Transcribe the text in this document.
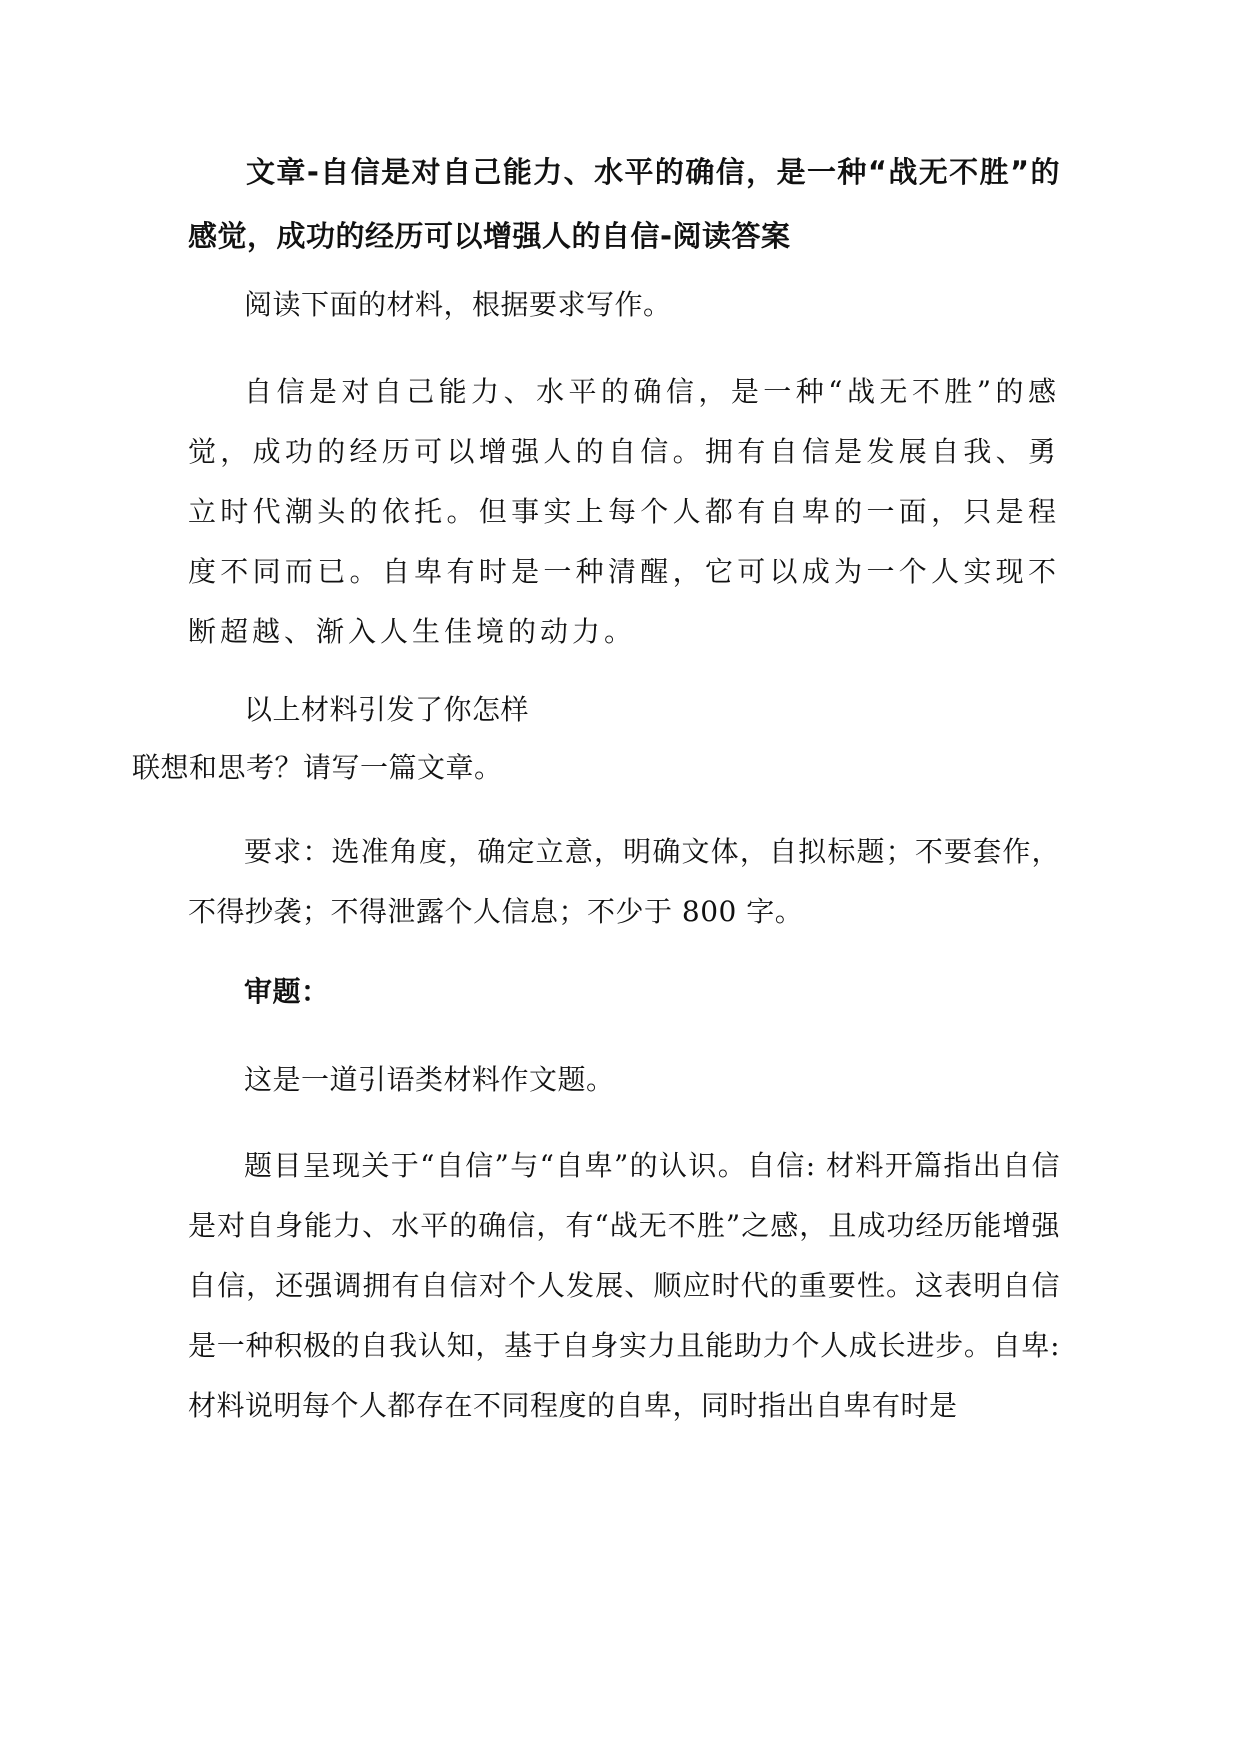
文章-自信是对自己能力、水平的确信，是一种“战无不胜”的感觉，成功的经历可以增强人的自信-阅读答案

阅读下面的材料，根据要求写作。

自信是对自己能力、水平的确信，是一种“战无不胜”的感觉，成功的经历可以增强人的自信。拥有自信是发展自我、勇立时代潮头的依托。但事实上每个人都有自卑的一面，只是程度不同而已。自卑有时是一种清醒，它可以成为一个人实现不断超越、渐入人生佳境的动力。

以上材料引发了你怎样
联想和思考？请写一篇文章。

要求：选准角度，确定立意，明确文体，自拟标题；不要套作，不得抄袭；不得泄露个人信息；不少于 800 字。

审题：

这是一道引语类材料作文题。

题目呈现关于“自信”与“自卑”的认识。自信: 材料开篇指出自信是对自身能力、水平的确信，有“战无不胜”之感，且成功经历能增强自信，还强调拥有自信对个人发展、顺应时代的重要性。这表明自信是一种积极的自我认知，基于自身实力且能助力个人成长进步。自卑: 材料说明每个人都存在不同程度的自卑，同时指出自卑有时是
